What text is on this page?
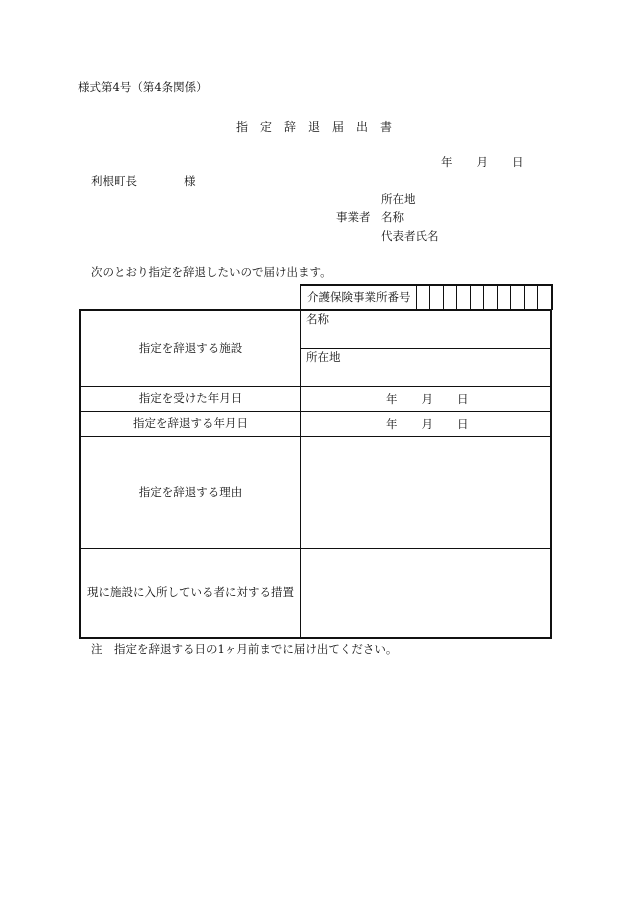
様式第4号（第4条関係）
指　定　辞　退　届　出　書
年 月 日
利根町長	様
所在地
事業者 名称
代表者氏名
次のとおり指定を辞退したいので届け出ます。
介護保険事業所番号
指定を辞退する施設
名称
所在地
指定を受けた年月日	年 月 日
指定を辞退する年月日	年 月 日
指定を辞退する理由
現に施設に入所している者に対する措置
注　指定を辞退する日の1ヶ月前までに届け出てください。
